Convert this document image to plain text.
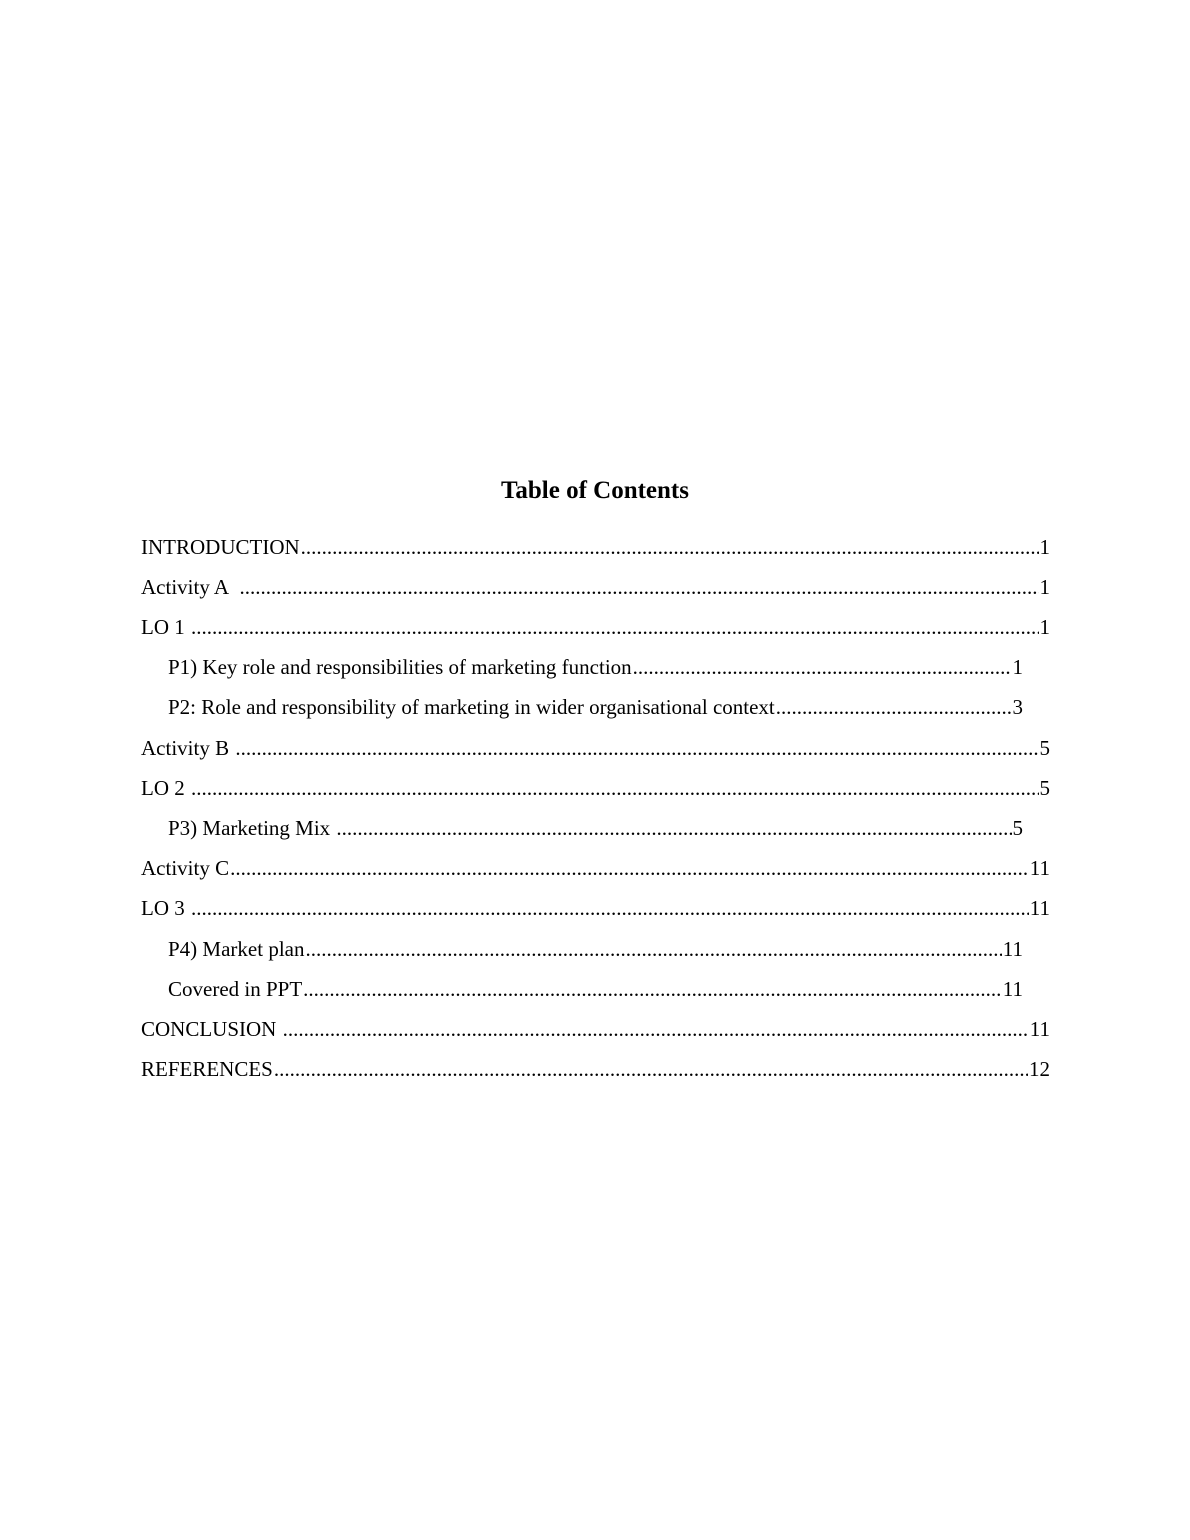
Table of Contents
INTRODUCTION .....	1
Activity A .....	1
LO 1 .....	1
P1) Key role and responsibilities of marketing function .....	1
P2: Role and responsibility of marketing in wider organisational context .....	3
Activity B .....	5
LO 2 .....	5
P3) Marketing Mix .....	5
Activity C .....	11
LO 3 .....	11
P4) Market plan .....	11
Covered in PPT .....	11
CONCLUSION .....	11
REFERENCES .....	12
